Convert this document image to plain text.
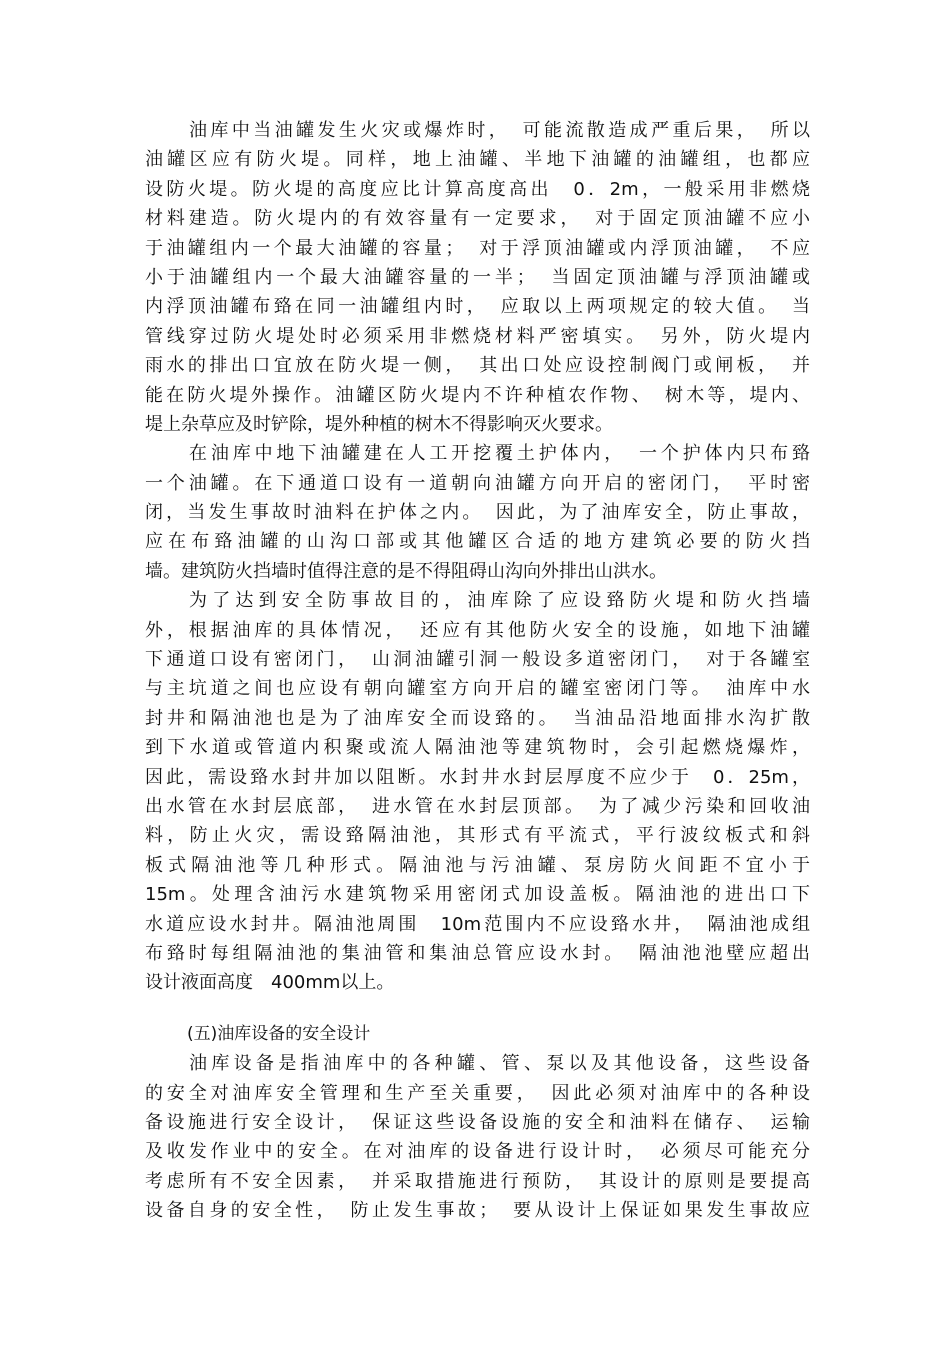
油库中当油罐发生火灾或爆炸时，　可能流散造成严重后果，　所以
油罐区应有防火堤。同样，地上油罐、半地下油罐的油罐组，也都应
设防火堤。防火堤的高度应比计算高度高出　0．2m，一般采用非燃烧
材料建造。防火堤内的有效容量有一定要求，　对于固定顶油罐不应小
于油罐组内一个最大油罐的容量；　对于浮顶油罐或内浮顶油罐，　不应
小于油罐组内一个最大油罐容量的一半；　当固定顶油罐与浮顶油罐或
内浮顶油罐布臵在同一油罐组内时，　应取以上两项规定的较大值。　当
管线穿过防火堤处时必须采用非燃烧材料严密填实。　另外，防火堤内
雨水的排出口宜放在防火堤一侧，　其出口处应设控制阀门或闸板，　并
能在防火堤外操作。油罐区防火堤内不许种植农作物、　树木等，堤内、
堤上杂草应及时铲除，堤外种植的树木不得影响灭火要求。
在油库中地下油罐建在人工开挖覆土护体内，　一个护体内只布臵
一个油罐。在下通道口设有一道朝向油罐方向开启的密闭门，　平时密
闭，当发生事故时油料在护体之内。　因此，为了油库安全，防止事故，
应在布臵油罐的山沟口部或其他罐区合适的地方建筑必要的防火挡
墙。建筑防火挡墙时值得注意的是不得阻碍山沟向外排出山洪水。
为了达到安全防事故目的，油库除了应设臵防火堤和防火挡墙
外，根据油库的具体情况，　还应有其他防火安全的设施，如地下油罐
下通道口设有密闭门，　山洞油罐引洞一般设多道密闭门，　对于各罐室
与主坑道之间也应设有朝向罐室方向开启的罐室密闭门等。　油库中水
封井和隔油池也是为了油库安全而设臵的。　当油品沿地面排水沟扩散
到下水道或管道内积聚或流人隔油池等建筑物时，会引起燃烧爆炸，
因此，需设臵水封井加以阻断。水封井水封层厚度不应少于　0．25m，
出水管在水封层底部，　进水管在水封层顶部。　为了减少污染和回收油
料，防止火灾，需设臵隔油池，其形式有平流式，平行波纹板式和斜
板式隔油池等几种形式。隔油池与污油罐、泵房防火间距不宜小于
15m。处理含油污水建筑物采用密闭式加设盖板。隔油池的进出口下
水道应设水封井。隔油池周围　10m范围内不应设臵水井，　隔油池成组
布臵时每组隔油池的集油管和集油总管应设水封。　隔油池池壁应超出
设计液面高度　400mm以上。
(五)油库设备的安全设计
油库设备是指油库中的各种罐、管、泵以及其他设备，这些设备
的安全对油库安全管理和生产至关重要，　因此必须对油库中的各种设
备设施进行安全设计，　保证这些设备设施的安全和油料在储存、　运输
及收发作业中的安全。在对油库的设备进行设计时，　必须尽可能充分
考虑所有不安全因素，　并采取措施进行预防，　其设计的原则是要提高
设备自身的安全性，　防止发生事故；　要从设计上保证如果发生事故应
